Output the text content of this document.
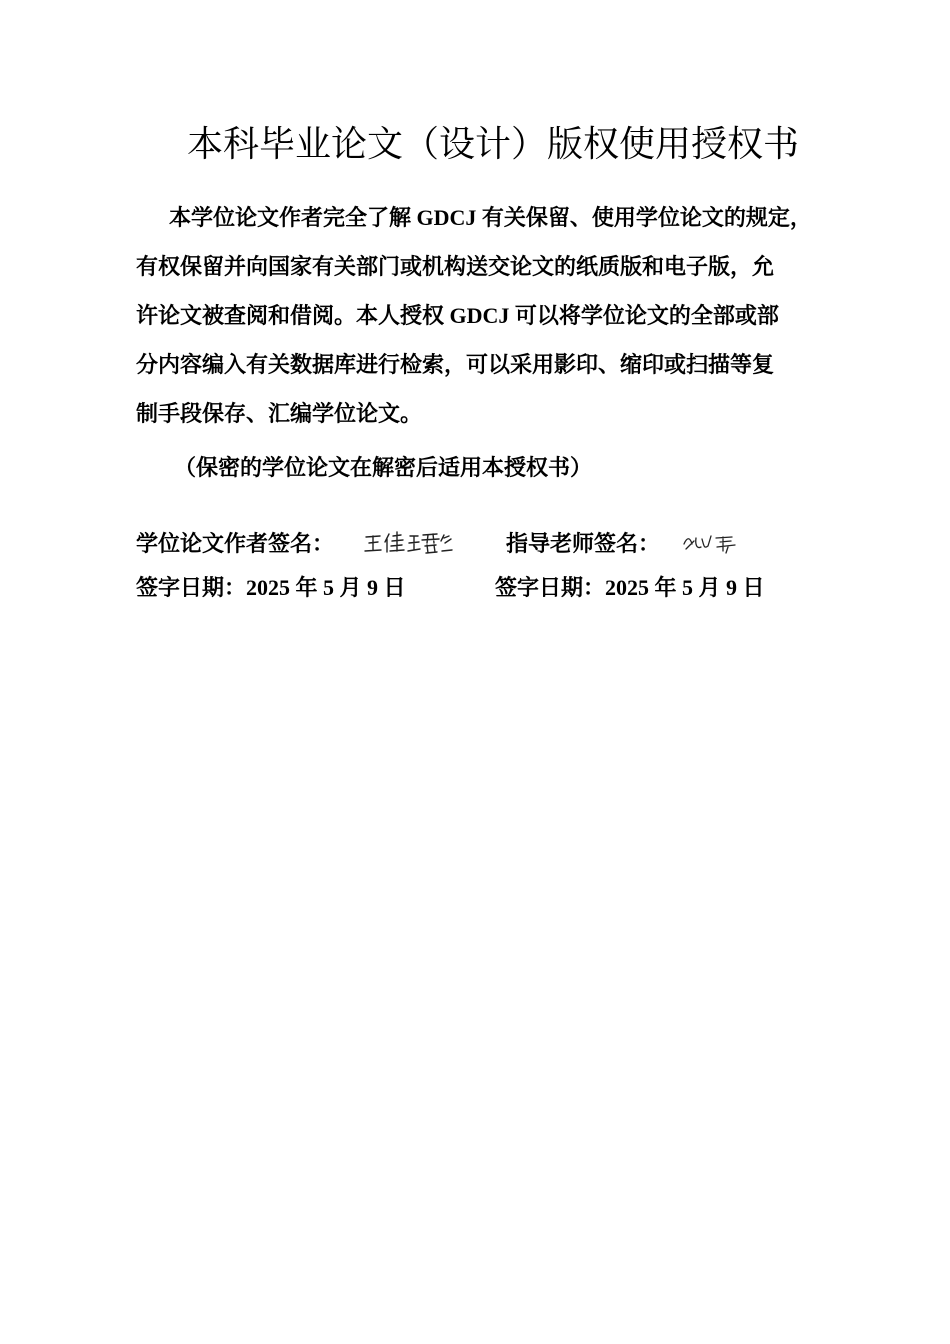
本科毕业论文（设计）版权使用授权书
本学位论文作者完全了解 GDCJ 有关保留、使用学位论文的规定，
有权保留并向国家有关部门或机构送交论文的纸质版和电子版，允
许论文被查阅和借阅。本人授权 GDCJ 可以将学位论文的全部或部
分内容编入有关数据库进行检索，可以采用影印、缩印或扫描等复
制手段保存、汇编学位论文。
（保密的学位论文在解密后适用本授权书）
学位论文作者签名：	指导老师签名：
签字日期：2025 年 5 月 9 日	签字日期：2025 年 5 月 9 日
